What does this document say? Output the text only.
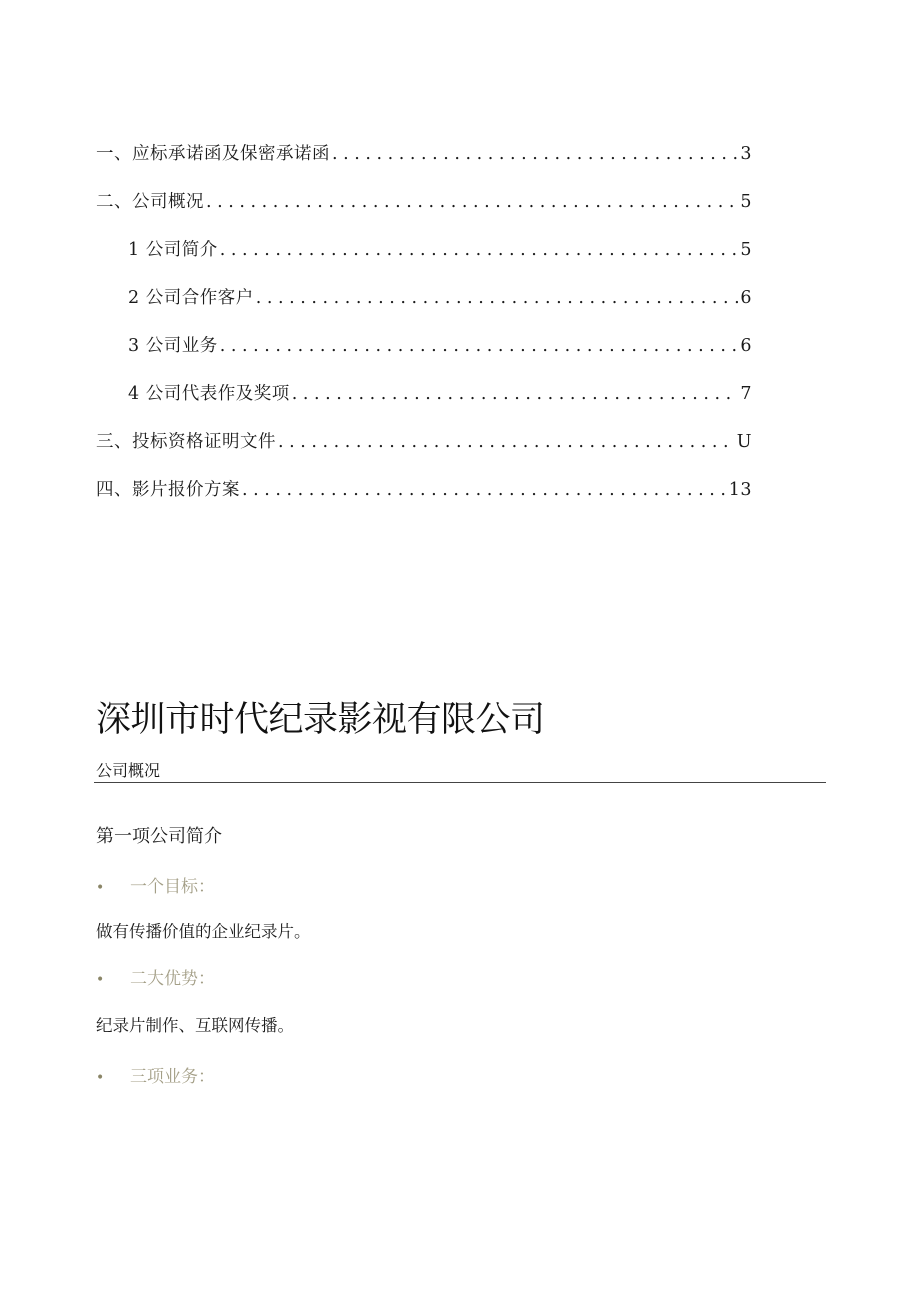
一、应标承诺函及保密承诺函 . . .	3
二、公司概况 . . .	5
1 公司简介 . . .	5
2 公司合作客户 . . .	6
3 公司业务 . . .	6
4 公司代表作及奖项 . . .	7
三、投标资格证明文件 . . .	U
四、影片报价方案 . . .	13
深圳市时代纪录影视有限公司
公司概况
第一项公司简介
•	一个目标：
做有传播价值的企业纪录片。
•	二大优势：
纪录片制作、互联网传播。
•	三项业务：
